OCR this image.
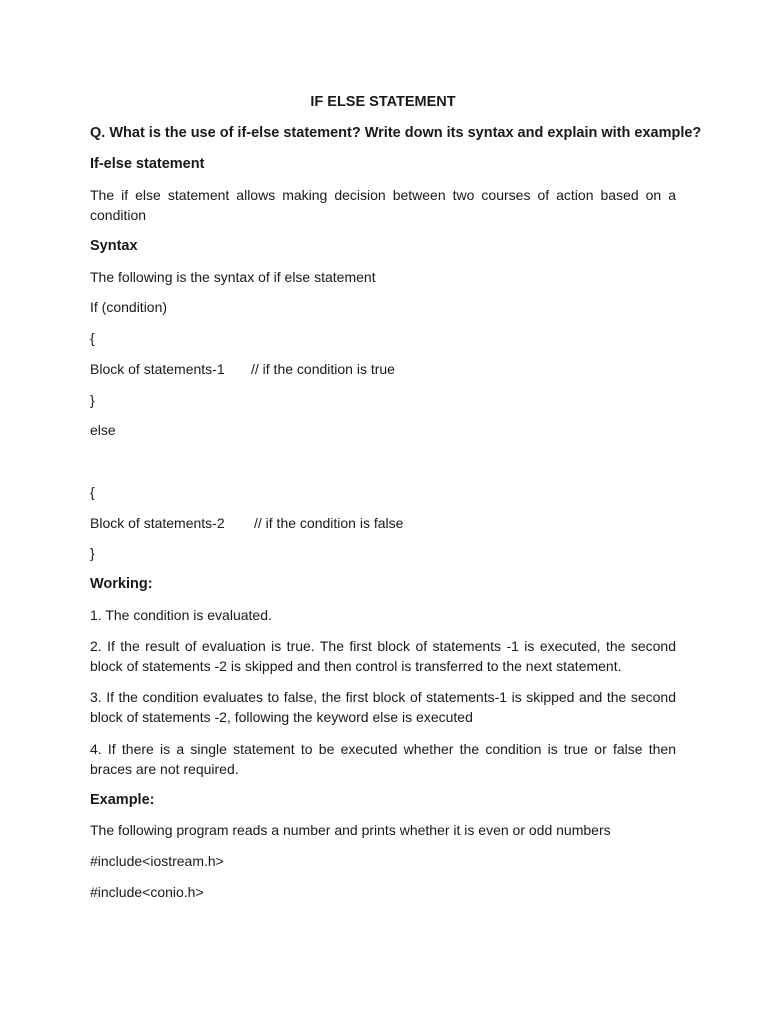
IF ELSE STATEMENT
Q. What is the use of if-else statement? Write down its syntax and explain with example?
If-else statement
The if else statement allows making decision between two courses of action based on a condition
Syntax
The following is the syntax of if else statement
If (condition)
{
Block of statements-1 // if the condition is true
}
else
{
Block of statements-2 // if the condition is false
}
Working:
1. The condition is evaluated.
2. If the result of evaluation is true. The first block of statements -1 is executed, the second block of statements -2 is skipped and then control is transferred to the next statement.
3. If the condition evaluates to false, the first block of statements-1 is skipped and the second block of statements -2, following the keyword else is executed
4. If there is a single statement to be executed whether the condition is true or false then braces are not required.
Example:
The following program reads a number and prints whether it is even or odd numbers
#include<iostream.h>
#include<conio.h>
